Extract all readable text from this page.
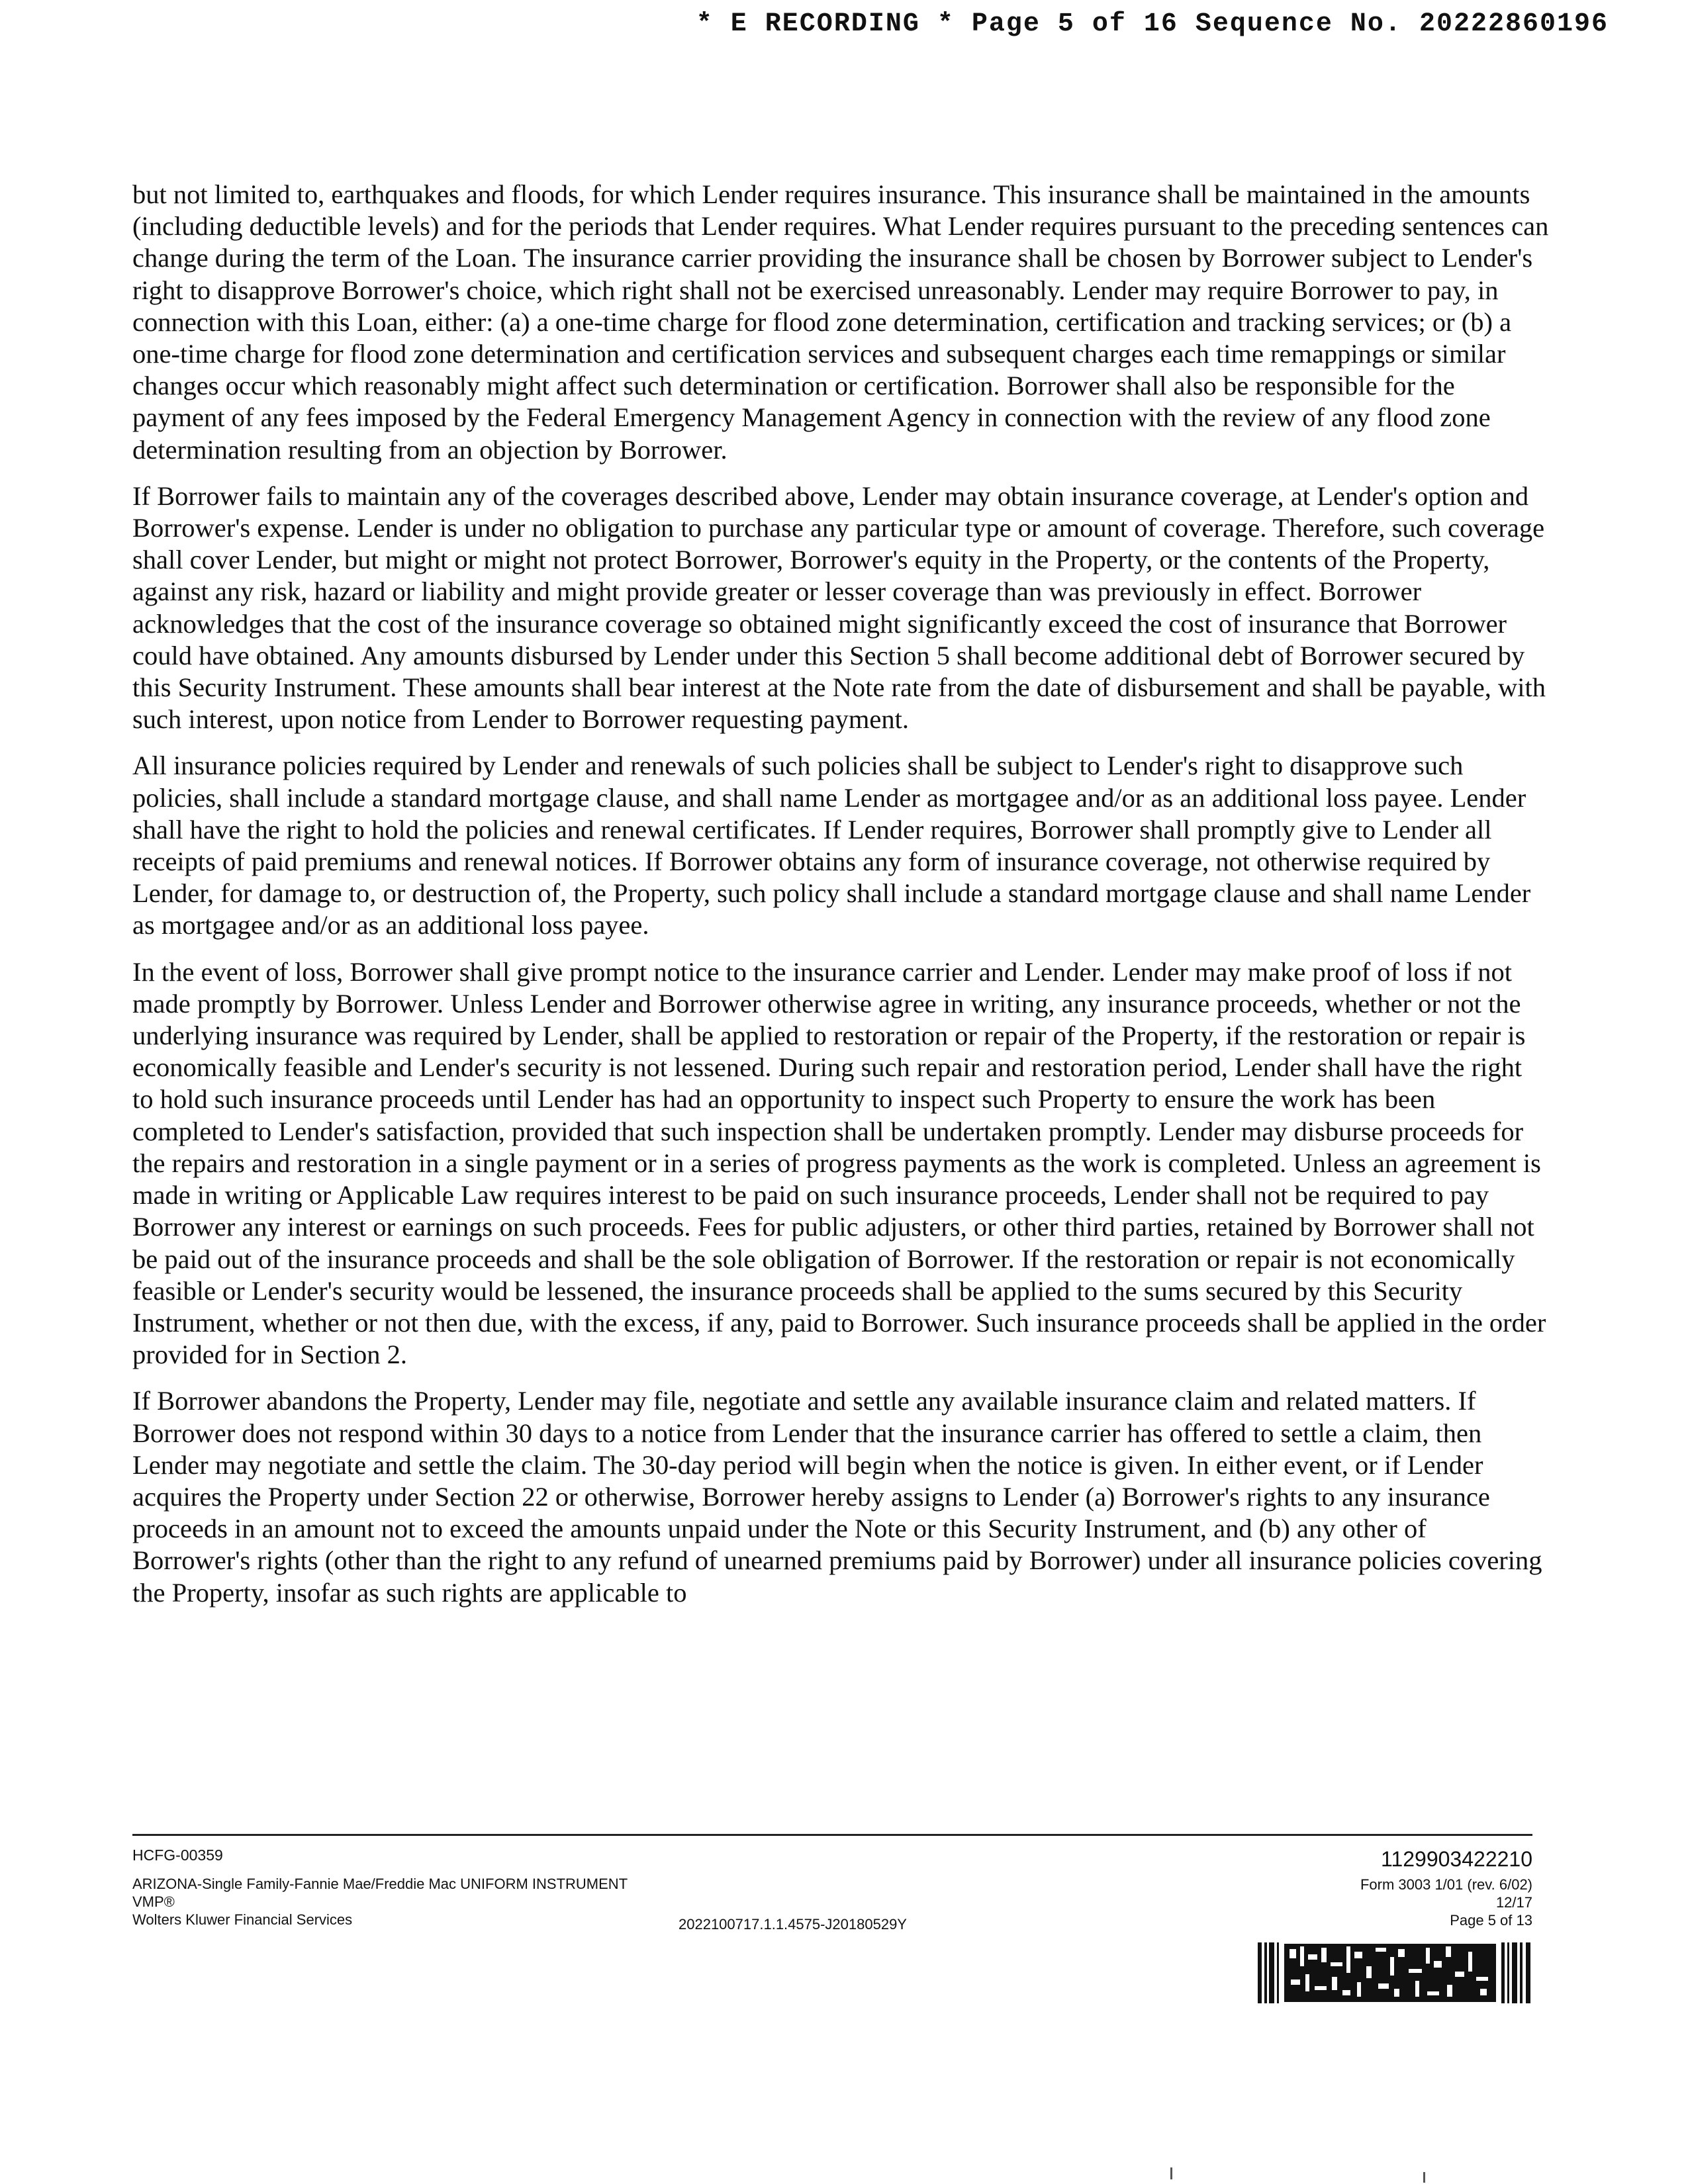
* E RECORDING * Page 5 of 16 Sequence No. 20222860196

but not limited to, earthquakes and floods, for which Lender requires insurance. This insurance shall be maintained in the amounts (including deductible levels) and for the periods that Lender requires. What Lender requires pursuant to the preceding sentences can change during the term of the Loan. The insurance carrier providing the insurance shall be chosen by Borrower subject to Lender's right to disapprove Borrower's choice, which right shall not be exercised unreasonably. Lender may require Borrower to pay, in connection with this Loan, either: (a) a one-time charge for flood zone determination, certification and tracking services; or (b) a one-time charge for flood zone determination and certification services and subsequent charges each time remappings or similar changes occur which reasonably might affect such determination or certification. Borrower shall also be responsible for the payment of any fees imposed by the Federal Emergency Management Agency in connection with the review of any flood zone determination resulting from an objection by Borrower.

If Borrower fails to maintain any of the coverages described above, Lender may obtain insurance coverage, at Lender's option and Borrower's expense. Lender is under no obligation to purchase any particular type or amount of coverage. Therefore, such coverage shall cover Lender, but might or might not protect Borrower, Borrower's equity in the Property, or the contents of the Property, against any risk, hazard or liability and might provide greater or lesser coverage than was previously in effect. Borrower acknowledges that the cost of the insurance coverage so obtained might significantly exceed the cost of insurance that Borrower could have obtained. Any amounts disbursed by Lender under this Section 5 shall become additional debt of Borrower secured by this Security Instrument. These amounts shall bear interest at the Note rate from the date of disbursement and shall be payable, with such interest, upon notice from Lender to Borrower requesting payment.

All insurance policies required by Lender and renewals of such policies shall be subject to Lender's right to disapprove such policies, shall include a standard mortgage clause, and shall name Lender as mortgagee and/or as an additional loss payee. Lender shall have the right to hold the policies and renewal certificates. If Lender requires, Borrower shall promptly give to Lender all receipts of paid premiums and renewal notices. If Borrower obtains any form of insurance coverage, not otherwise required by Lender, for damage to, or destruction of, the Property, such policy shall include a standard mortgage clause and shall name Lender as mortgagee and/or as an additional loss payee.

In the event of loss, Borrower shall give prompt notice to the insurance carrier and Lender. Lender may make proof of loss if not made promptly by Borrower. Unless Lender and Borrower otherwise agree in writing, any insurance proceeds, whether or not the underlying insurance was required by Lender, shall be applied to restoration or repair of the Property, if the restoration or repair is economically feasible and Lender's security is not lessened. During such repair and restoration period, Lender shall have the right to hold such insurance proceeds until Lender has had an opportunity to inspect such Property to ensure the work has been completed to Lender's satisfaction, provided that such inspection shall be undertaken promptly. Lender may disburse proceeds for the repairs and restoration in a single payment or in a series of progress payments as the work is completed. Unless an agreement is made in writing or Applicable Law requires interest to be paid on such insurance proceeds, Lender shall not be required to pay Borrower any interest or earnings on such proceeds. Fees for public adjusters, or other third parties, retained by Borrower shall not be paid out of the insurance proceeds and shall be the sole obligation of Borrower. If the restoration or repair is not economically feasible or Lender's security would be lessened, the insurance proceeds shall be applied to the sums secured by this Security Instrument, whether or not then due, with the excess, if any, paid to Borrower. Such insurance proceeds shall be applied in the order provided for in Section 2.

If Borrower abandons the Property, Lender may file, negotiate and settle any available insurance claim and related matters. If Borrower does not respond within 30 days to a notice from Lender that the insurance carrier has offered to settle a claim, then Lender may negotiate and settle the claim. The 30-day period will begin when the notice is given. In either event, or if Lender acquires the Property under Section 22 or otherwise, Borrower hereby assigns to Lender (a) Borrower's rights to any insurance proceeds in an amount not to exceed the amounts unpaid under the Note or this Security Instrument, and (b) any other of Borrower's rights (other than the right to any refund of unearned premiums paid by Borrower) under all insurance policies covering the Property, insofar as such rights are applicable to

HCFG-00359
ARIZONA-Single Family-Fannie Mae/Freddie Mac UNIFORM INSTRUMENT
VMP®
Wolters Kluwer Financial Services	2022100717.1.1.4575-J20180529Y
1129903422210
Form 3003 1/01 (rev. 6/02)
12/17
Page 5 of 13
